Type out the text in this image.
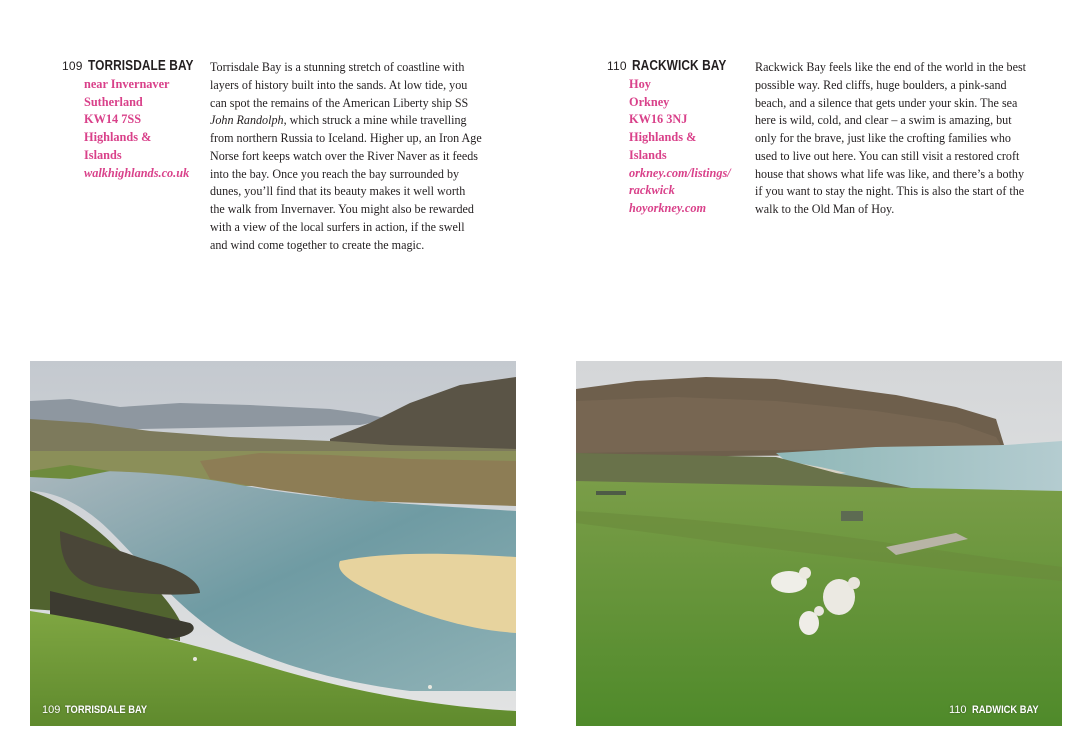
109 TORRISDALE BAY
near Invernaver
Sutherland
KW14 7SS
Highlands &
Islands
walkhighlands.co.uk

Torrisdale Bay is a stunning stretch of coastline with layers of history built into the sands. At low tide, you can spot the remains of the American Liberty ship SS John Randolph, which struck a mine while travelling from northern Russia to Iceland. Higher up, an Iron Age Norse fort keeps watch over the River Naver as it feeds into the bay. Once you reach the bay surrounded by dunes, you’ll find that its beauty makes it well worth the walk from Invernaver. You might also be rewarded with a view of the local surfers in action, if the swell and wind come together to create the magic.

110 RACKWICK BAY
Hoy
Orkney
KW16 3NJ
Highlands &
Islands
orkney.com/listings/
rackwick
hoyorkney.com

Rackwick Bay feels like the end of the world in the best possible way. Red cliffs, huge boulders, a pink-sand beach, and a silence that gets under your skin. The sea here is wild, cold, and clear – a swim is amazing, but only for the brave, just like the crofting families who used to live out here. You can still visit a restored croft house that shows what life was like, and there’s a bothy if you want to stay the night. This is also the start of the walk to the Old Man of Hoy.

109 TORRISDALE BAY	110 RADWICK BAY
